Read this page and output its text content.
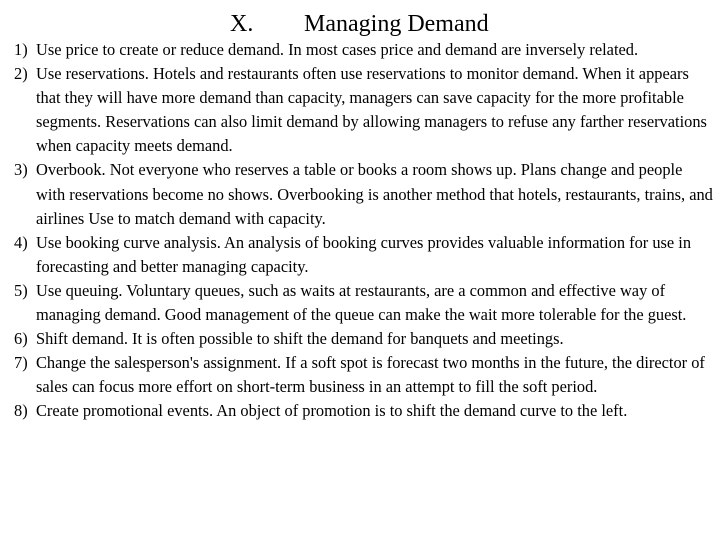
X. Managing Demand
1) Use price to create or reduce demand. In most cases price and demand are inversely related.
2) Use reservations. Hotels and restaurants often use reservations to monitor demand. When it appears that they will have more demand than capacity, managers can save capacity for the more profitable segments. Reservations can also limit demand by allowing managers to refuse any farther reservations when capacity meets demand.
3) Overbook. Not everyone who reserves a table or books a room shows up. Plans change and people with reservations become no shows. Overbooking is another method that hotels, restaurants, trains, and airlines Use to match demand with capacity.
4) Use booking curve analysis. An analysis of booking curves provides valuable information for use in forecasting and better managing capacity.
5) Use queuing. Voluntary queues, such as waits at restaurants, are a common and effective way of managing demand. Good management of the queue can make the wait more tolerable for the guest.
6) Shift demand. It is often possible to shift the demand for banquets and meetings.
7) Change the salesperson's assignment. If a soft spot is forecast two months in the future, the director of sales can focus more effort on short-term business in an attempt to fill the soft period.
8) Create promotional events. An object of promotion is to shift the demand curve to the left.
